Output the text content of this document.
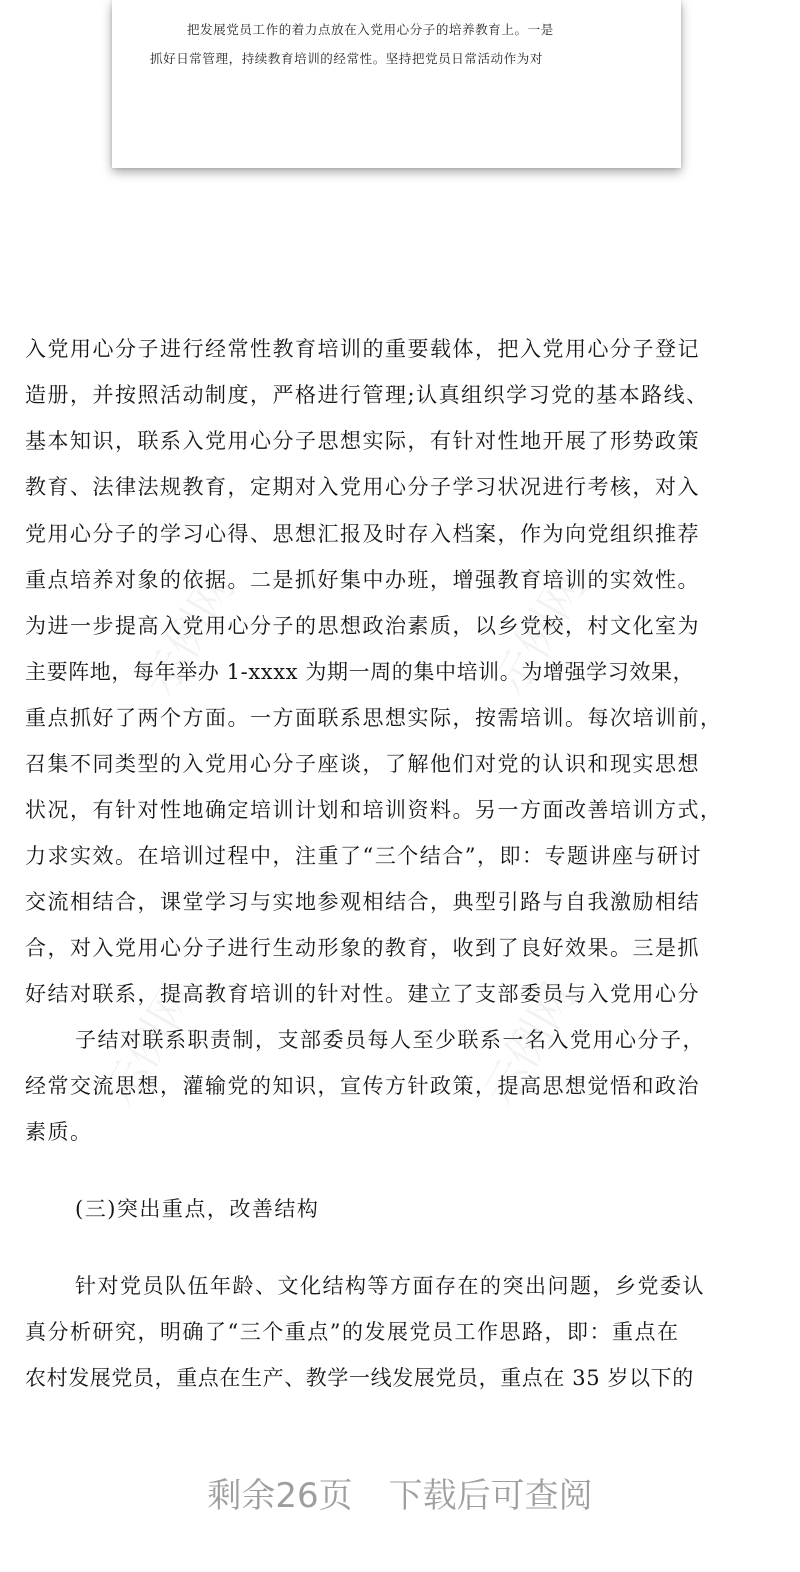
把发展党员工作的着力点放在入党用心分子的培养教育上。一是
抓好日常管理，持续教育培训的经常性。坚持把党员日常活动作为对
示例网	示例网
示例网	示例网
入党用心分子进行经常性教育培训的重要载体，把入党用心分子登记
造册，并按照活动制度，严格进行管理;认真组织学习党的基本路线、
基本知识，联系入党用心分子思想实际，有针对性地开展了形势政策
教育、法律法规教育，定期对入党用心分子学习状况进行考核，对入
党用心分子的学习心得、思想汇报及时存入档案，作为向党组织推荐
重点培养对象的依据。二是抓好集中办班，增强教育培训的实效性。
为进一步提高入党用心分子的思想政治素质，以乡党校，村文化室为
主要阵地，每年举办 1-xxxx 为期一周的集中培训。为增强学习效果，
重点抓好了两个方面。一方面联系思想实际，按需培训。每次培训前，
召集不同类型的入党用心分子座谈，了解他们对党的认识和现实思想
状况，有针对性地确定培训计划和培训资料。另一方面改善培训方式，
力求实效。在培训过程中，注重了“三个结合”，即：专题讲座与研讨
交流相结合，课堂学习与实地参观相结合，典型引路与自我激励相结
合，对入党用心分子进行生动形象的教育，收到了良好效果。三是抓
好结对联系，提高教育培训的针对性。建立了支部委员与入党用心分
子结对联系职责制，支部委员每人至少联系一名入党用心分子，
经常交流思想，灌输党的知识，宣传方针政策，提高思想觉悟和政治
素质。
(三)突出重点，改善结构
针对党员队伍年龄、文化结构等方面存在的突出问题，乡党委认
真分析研究，明确了“三个重点”的发展党员工作思路，即：重点在
农村发展党员，重点在生产、教学一线发展党员，重点在 35 岁以下的
剩余26页 下载后可查阅
